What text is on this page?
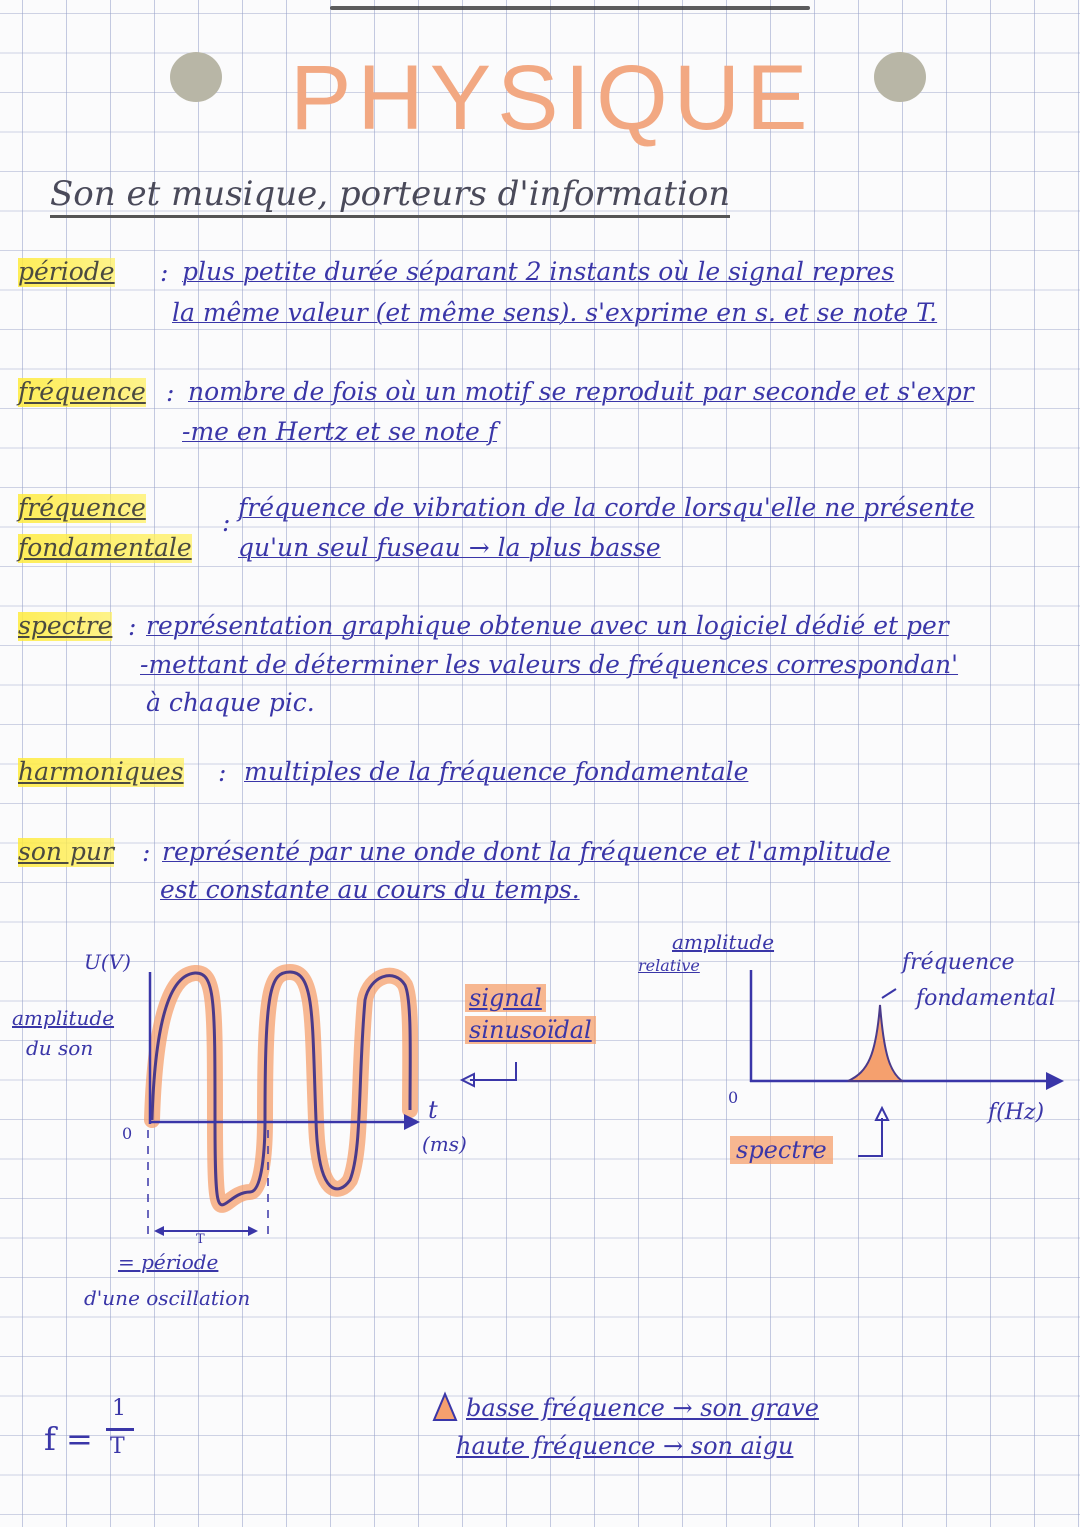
PHYSIQUE
Son et musique, porteurs d'information
période : plus petite durée séparant 2 instants où le signal repres
la même valeur (et même sens). s'exprime en s. et se note T.
fréquence : nombre de fois où un motif se reproduit par seconde et s'expr
-me en Hertz et se note f
fréquence
fondamentale
:
fréquence de vibration de la corde lorsqu'elle ne présente
qu'un seul fuseau → la plus basse
spectre : représentation graphique obtenue avec un logiciel dédié et per
-mettant de déterminer les valeurs de fréquences correspondan'
à chaque pic.
harmoniques : multiples de la fréquence fondamentale
son pur : représenté par une onde dont la fréquence et l'amplitude
est constante au cours du temps.
U(V)
amplitude
du son
0
t
(ms)
signal
sinusoïdal
T
= période
d'une oscillation
amplitude
relative
0
f(Hz)
fréquence
fondamental
spectre
f =
1
T
basse fréquence → son grave
haute fréquence → son aigu
